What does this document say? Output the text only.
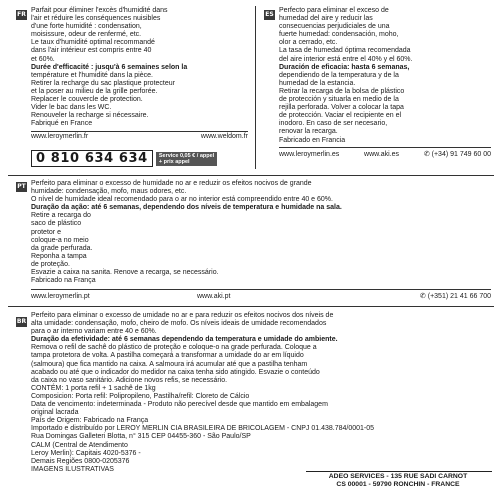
FR

Parfait pour éliminer l'excès d'humidité dans

l'air et réduire les conséquences nuisibles

d'une forte humidité : condensation,

moisissure, odeur de renfermé, etc.

Le taux d'humidité optimal recommandé

dans l'air intérieur est compris entre 40

et 60%.

Durée d'efficacité : jusqu'à 6 semaines selon la

température et l'humidité dans la pièce.

Retirer la recharge du sac plastique protecteur

et la poser au milieu de la grille perforée.

Replacer le couvercle de protection.

Vider le bac dans les WC.

Renouveler la recharge si nécessaire.

Fabriqué en France

www.leroymerlin.fr	www.weldom.fr
0 810 634 634	Service 0,05 € / appel
+ prix appel
ES

Perfecto para eliminar el exceso de

humedad del aire y reducir las

consecuencias perjudiciales de una

fuerte humedad: condensación, moho,

olor a cerrado, etc.

La tasa de humedad óptima recomendada

del aire interior está entre el 40% y el 60%.

Duración de eficacia: hasta 6 semanas,

dependiendo de la temperatura y de la

humedad de la estancia.

Retirar la recarga de la bolsa de plástico

de protección y situarla en medio de la

rejilla perforada. Volver a colocar la tapa

de protección. Vaciar el recipiente en el

inodoro. En caso de ser necesario,

renovar la recarga.

Fabricado en Francia

www.leroymerlin.es	www.aki.es	✆ (+34) 91 749 60 00
PT Perfeito para eliminar o excesso de humidade no ar e reduzir os efeitos nocivos de grande

humidade: condensação, mofo, maus odores, etc.

O nível de humidade ideal recomendado para o ar no interior está compreendido entre 40 e 60%.

Duração da ação: até 6 semanas, dependendo dos níveis de temperatura e humidade na sala.

Retire a recarga do

saco de plástico

protetor e

coloque-a no meio

da grade perfurada.

Reponha a tampa

de proteção.

Esvazie a caixa na sanita. Renove a recarga, se necessário.

Fabricado na França

www.leroymerlin.pt	www.aki.pt	✆ (+351) 21 41 66 700
BR

Perfeito para eliminar o excesso de umidade no ar e para reduzir os efeitos nocivos dos níveis de

alta umidade: condensação, mofo, cheiro de mofo. Os níveis ideais de umidade recomendados

para o ar interno variam entre 40 e 60%.

Duração da efetividade: até 6 semanas dependendo da temperatura e umidade do ambiente.

Remova o refil de sachê do plástico de proteção e coloque-o na grade perfurada. Coloque a

tampa protetora de volta. A pastilha começará a transformar a umidade do ar em líquido

(salmoura) que fica mantido na caixa. A salmoura irá acumular até que a pastilha tenham

acabado ou até que o indicador do medidor na caixa tenha sido atingido. Esvazie o conteúdo

da caixa no vaso sanitário. Adicione novos refis, se necessário.

CONTÉM: 1 porta refil + 1 sachê de 1kg

Composicion: Porta refil: Polipropileno, Pastilha/refil: Cloreto de Cálcio

Data de vencimento: indeterminada - Produto não perecível desde que mantido em embalagem

original lacrada

País de Origem: Fabricado na França

Importado e distribuído por LEROY MERLIN CIA BRASILEIRA DE BRICOLAGEM - CNPJ 01.438.784/0001-05

Rua Domingas Galleteri Blotta, n° 315 CEP 04455-360 - São Paulo/SP

CALM (Central de Atendimento

Leroy Merlin): Capitais 4020-5376 -

Demais Regiões 0800-0205376

IMAGENS ILUSTRATIVAS

ADEO SERVICES - 135 RUE SADI CARNOT
CS 00001 - 59790 RONCHIN - FRANCE
